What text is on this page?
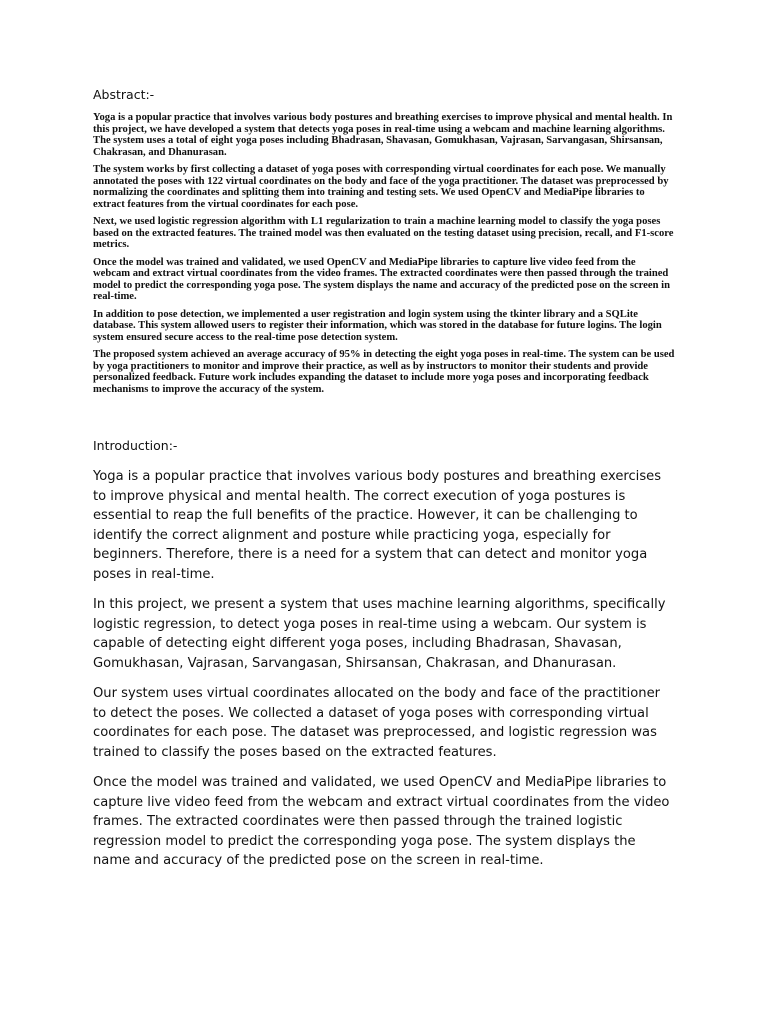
Abstract:-

Yoga is a popular practice that involves various body postures and breathing exercises to improve physical and mental health. In this project, we have developed a system that detects yoga poses in real-time using a webcam and machine learning algorithms. The system uses a total of eight yoga poses including Bhadrasan, Shavasan, Gomukhasan, Vajrasan, Sarvangasan, Shirsansan, Chakrasan, and Dhanurasan.

The system works by first collecting a dataset of yoga poses with corresponding virtual coordinates for each pose. We manually annotated the poses with 122 virtual coordinates on the body and face of the yoga practitioner. The dataset was preprocessed by normalizing the coordinates and splitting them into training and testing sets. We used OpenCV and MediaPipe libraries to extract features from the virtual coordinates for each pose.

Next, we used logistic regression algorithm with L1 regularization to train a machine learning model to classify the yoga poses based on the extracted features. The trained model was then evaluated on the testing dataset using precision, recall, and F1-score metrics.

Once the model was trained and validated, we used OpenCV and MediaPipe libraries to capture live video feed from the webcam and extract virtual coordinates from the video frames. The extracted coordinates were then passed through the trained model to predict the corresponding yoga pose. The system displays the name and accuracy of the predicted pose on the screen in real-time.

In addition to pose detection, we implemented a user registration and login system using the tkinter library and a SQLite database. This system allowed users to register their information, which was stored in the database for future logins. The login system ensured secure access to the real-time pose detection system.

The proposed system achieved an average accuracy of 95% in detecting the eight yoga poses in real-time. The system can be used by yoga practitioners to monitor and improve their practice, as well as by instructors to monitor their students and provide personalized feedback. Future work includes expanding the dataset to include more yoga poses and incorporating feedback mechanisms to improve the accuracy of the system.

Introduction:-

Yoga is a popular practice that involves various body postures and breathing exercises to improve physical and mental health. The correct execution of yoga postures is essential to reap the full benefits of the practice. However, it can be challenging to identify the correct alignment and posture while practicing yoga, especially for beginners. Therefore, there is a need for a system that can detect and monitor yoga poses in real-time.

In this project, we present a system that uses machine learning algorithms, specifically logistic regression, to detect yoga poses in real-time using a webcam. Our system is capable of detecting eight different yoga poses, including Bhadrasan, Shavasan, Gomukhasan, Vajrasan, Sarvangasan, Shirsansan, Chakrasan, and Dhanurasan.

Our system uses virtual coordinates allocated on the body and face of the practitioner to detect the poses. We collected a dataset of yoga poses with corresponding virtual coordinates for each pose. The dataset was preprocessed, and logistic regression was trained to classify the poses based on the extracted features.

Once the model was trained and validated, we used OpenCV and MediaPipe libraries to capture live video feed from the webcam and extract virtual coordinates from the video frames. The extracted coordinates were then passed through the trained logistic regression model to predict the corresponding yoga pose. The system displays the name and accuracy of the predicted pose on the screen in real-time.
